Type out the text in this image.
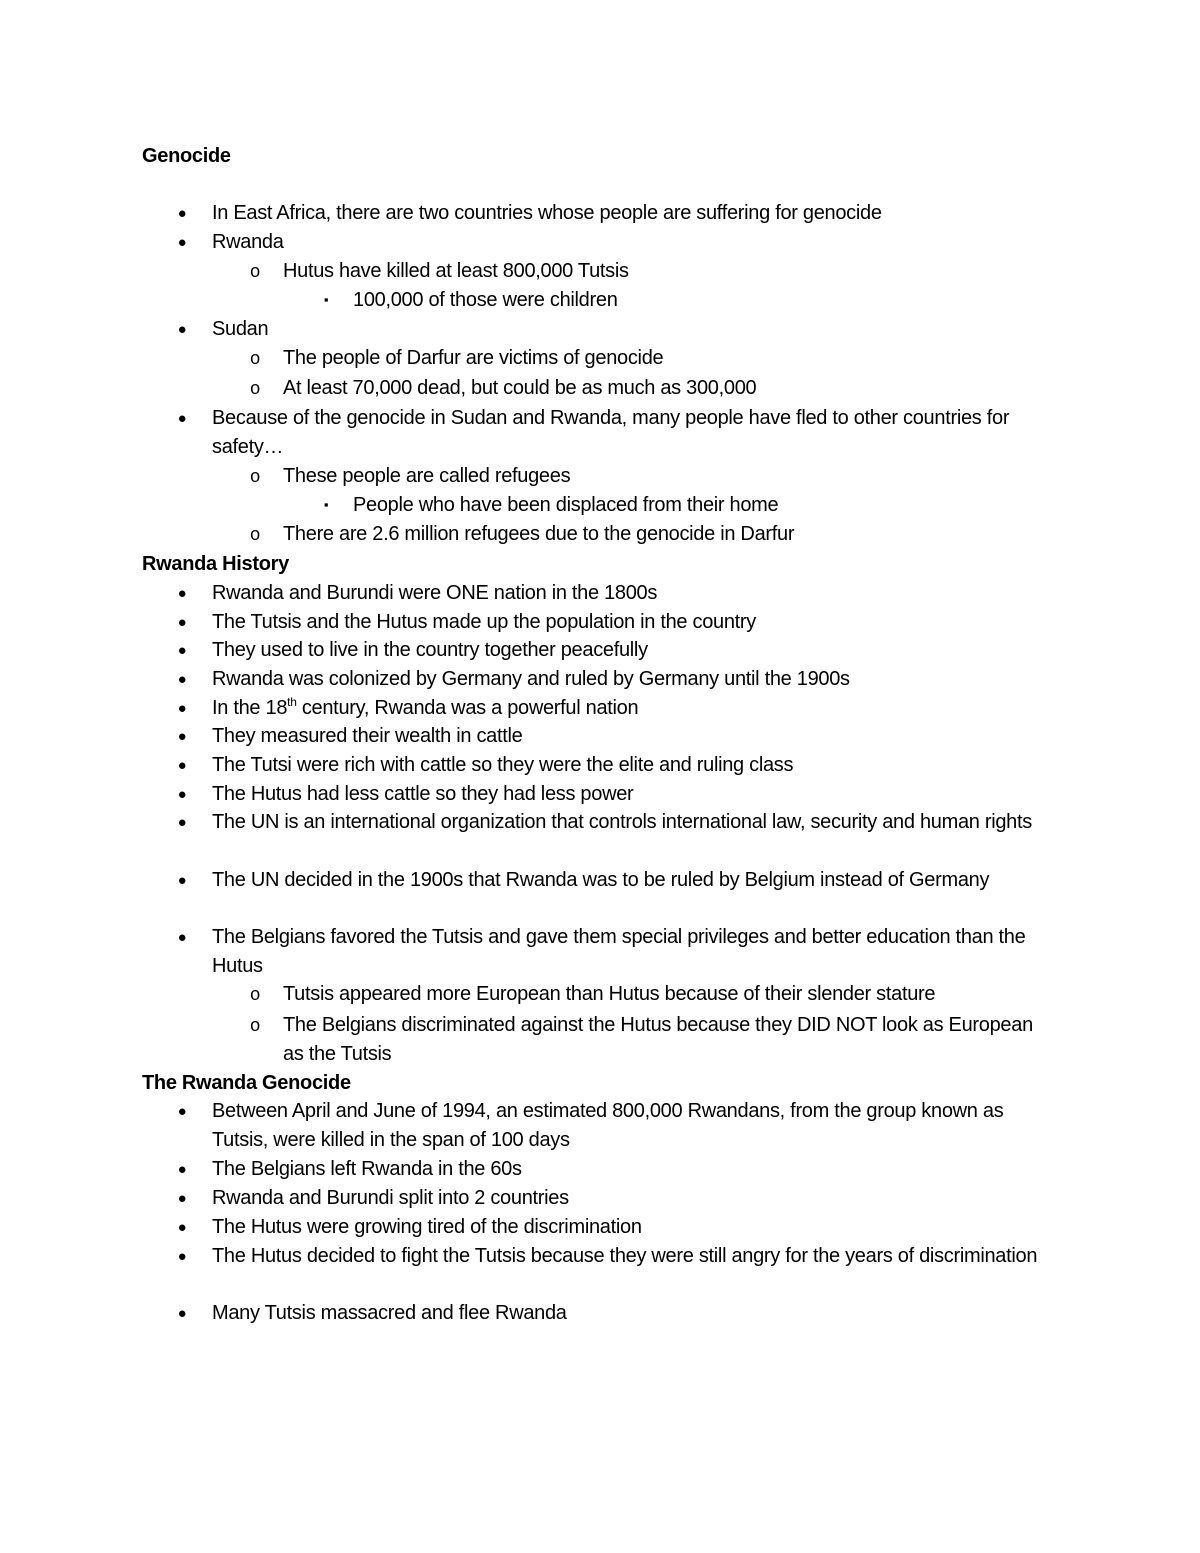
Genocide
● In East Africa, there are two countries whose people are suffering for genocide
● Rwanda
o Hutus have killed at least 800,000 Tutsis
▪	100,000 of those were children
● Sudan
o The people of Darfur are victims of genocide
o At least 70,000 dead, but could be as much as 300,000
● Because of the genocide in Sudan and Rwanda, many people have fled to other countries for safety…
o These people are called refugees
▪	People who have been displaced from their home
o There are 2.6 million refugees due to the genocide in Darfur
Rwanda History
● Rwanda and Burundi were ONE nation in the 1800s
● The Tutsis and the Hutus made up the population in the country
● They used to live in the country together peacefully
● Rwanda was colonized by Germany and ruled by Germany until the 1900s
● In the 18th century, Rwanda was a powerful nation
● They measured their wealth in cattle
● The Tutsi were rich with cattle so they were the elite and ruling class
● The Hutus had less cattle so they had less power
● The UN is an international organization that controls international law, security and human rights
● The UN decided in the 1900s that Rwanda was to be ruled by Belgium instead of Germany
● The Belgians favored the Tutsis and gave them special privileges and better education than the Hutus
o Tutsis appeared more European than Hutus because of their slender stature
o The Belgians discriminated against the Hutus because they DID NOT look as European as the Tutsis
The Rwanda Genocide
● Between April and June of 1994, an estimated 800,000 Rwandans, from the group known as Tutsis, were killed in the span of 100 days
● The Belgians left Rwanda in the 60s
● Rwanda and Burundi split into 2 countries
● The Hutus were growing tired of the discrimination
● The Hutus decided to fight the Tutsis because they were still angry for the years of discrimination
● Many Tutsis massacred and flee Rwanda
